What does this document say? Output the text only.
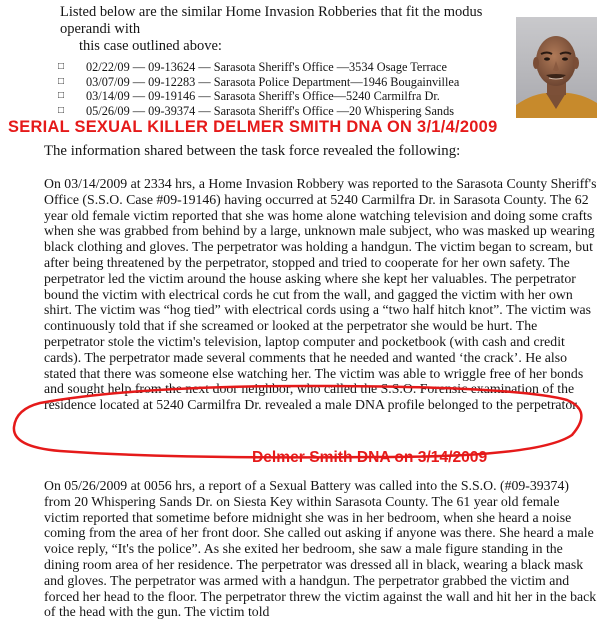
Listed below are the similar Home Invasion Robberies that fit the modus operandi with
this case outlined above:
□	02/22/09 — 09-13624 — Sarasota Sheriff's Office —3534 Osage Terrace
□	03/07/09 — 09-12283 — Sarasota Police Department—1946 Bougainvillea
□	03/14/09 — 09-19146 — Sarasota Sheriff's Office—5240 Carmilfra Dr.
□	05/26/09 — 09-39374 — Sarasota Sheriff's Office —20 Whispering Sands
SERIAL SEXUAL KILLER DELMER SMITH DNA ON 3/1/4/2009
The information shared between the task force revealed the following:
On 03/14/2009 at 2334 hrs, a Home Invasion Robbery was reported to the Sarasota County Sheriff's Office (S.S.O. Case #09-19146) having occurred at 5240 Carmilfra Dr. in Sarasota County. The 62 year old female victim reported that she was home alone watching television and doing some crafts when she was grabbed from behind by a large, unknown male subject, who was masked up wearing black clothing and gloves. The perpetrator was holding a handgun. The victim began to scream, but after being threatened by the perpetrator, stopped and tried to cooperate for her own safety. The perpetrator led the victim around the house asking where she kept her valuables. The perpetrator bound the victim with electrical cords he cut from the wall, and gagged the victim with her own shirt. The victim was “hog tied” with electrical cords using a “two half hitch knot”. The victim was continuously told that if she screamed or looked at the perpetrator she would be hurt. The perpetrator stole the victim's television, laptop computer and pocketbook (with cash and credit cards). The perpetrator made several comments that he needed and wanted ‘the crack’. He also stated that there was someone else watching her. The victim was able to wriggle free of her bonds and sought help from the next door neighbor, who called the S.S.O. Forensic examination of the residence located at 5240 Carmilfra Dr. revealed a male DNA profile belonged to the perpetrator.
Delmer Smith DNA on 3/14/2009
On 05/26/2009 at 0056 hrs, a report of a Sexual Battery was called into the S.S.O. (#09-39374) from 20 Whispering Sands Dr. on Siesta Key within Sarasota County. The 61 year old female victim reported that sometime before midnight she was in her bedroom, when she heard a noise coming from the area of her front door. She called out asking if anyone was there. She heard a male voice reply, “It's the police”. As she exited her bedroom, she saw a male figure standing in the dining room area of her residence. The perpetrator was dressed all in black, wearing a black mask and gloves. The perpetrator was armed with a handgun. The perpetrator grabbed the victim and forced her head to the floor. The perpetrator threw the victim against the wall and hit her in the back of the head with the gun. The victim told
